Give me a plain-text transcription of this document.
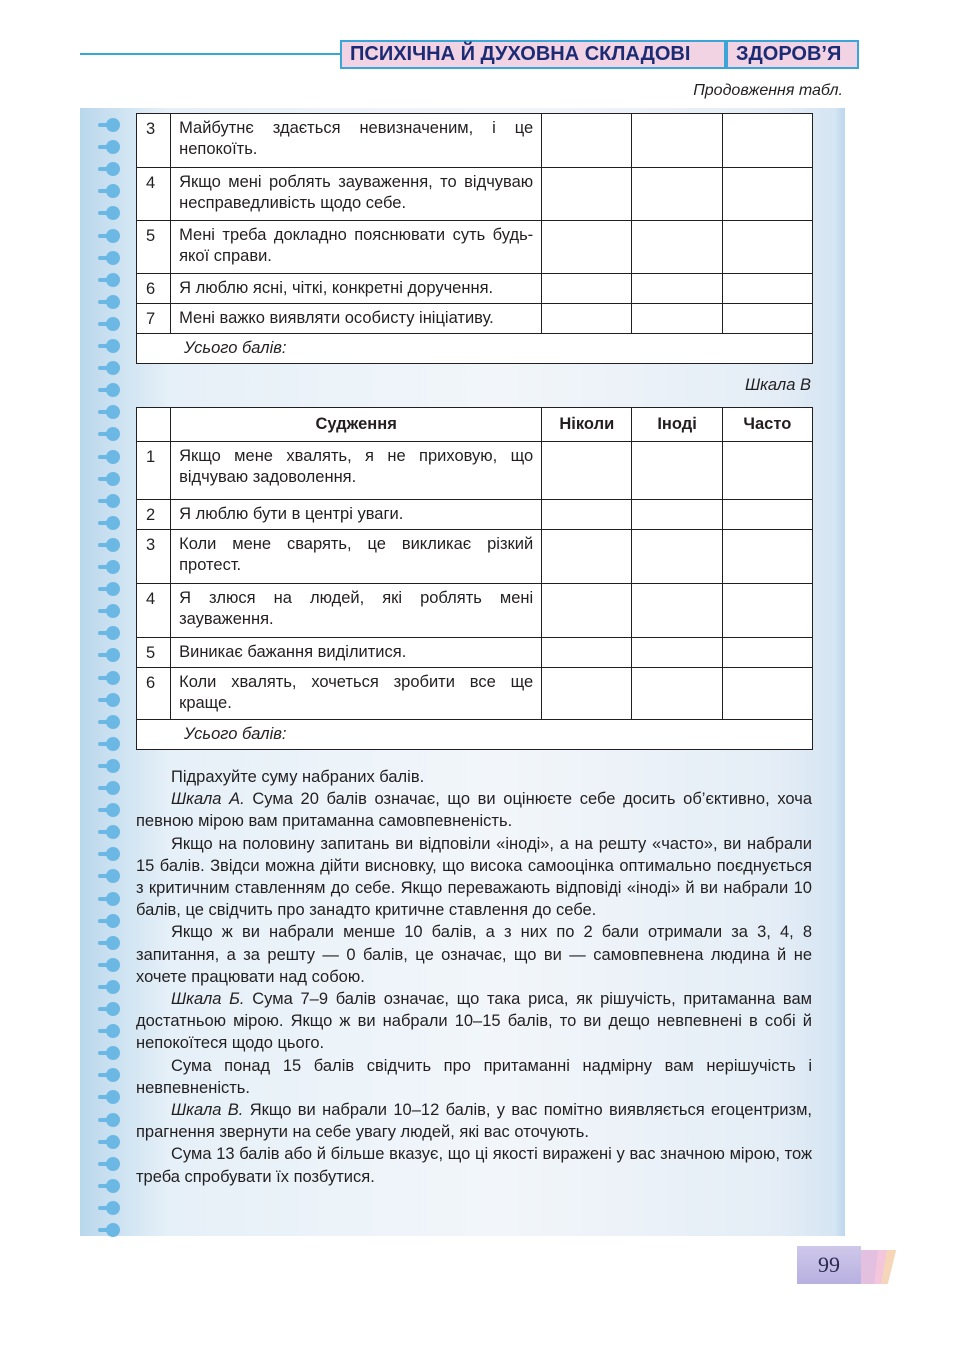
ПСИХІЧНА Й ДУХОВНА СКЛАДОВІ	ЗДОРОВ’Я
Продовження табл.
3	Майбутнє здається невизначеним, і це непокоїть.			
4	Якщо мені роблять зауваження, то відчуваю несправедливість щодо себе.			
5	Мені треба докладно пояснювати суть будь-якої справи.			
6	Я люблю ясні, чіткі, конкретні доручення.			
7	Мені важко виявляти особисту ініціативу.			
Усього балів:				
Шкала В
	Судження	Ніколи	Іноді	Часто
1	Якщо мене хвалять, я не приховую, що відчуваю задоволення.			
2	Я люблю бути в центрі уваги.			
3	Коли мене сварять, це викликає різкий протест.			
4	Я злюся на людей, які роблять мені зауваження.			
5	Виникає бажання виділитися.			
6	Коли хвалять, хочеться зробити все ще краще.			
Усього балів:				

Підрахуйте суму набраних балів.

Шкала А. Сума 20 балів означає, що ви оцінюєте себе досить об’єктивно, хоча певною мірою вам притаманна самовпевненість.

Якщо на половину запитань ви відповіли «іноді», а на решту «часто», ви набрали 15 балів. Звідси можна дійти висновку, що висока самооцінка оптимально поєднується з критичним ставленням до себе. Якщо переважають відповіді «іноді» й ви набрали 10 балів, це свідчить про занадто критичне ставлення до себе.

Якщо ж ви набрали менше 10 балів, а з них по 2 бали отримали за 3, 4, 8 запитання, а за решту — 0 балів, це означає, що ви — самовпевнена людина й не хочете працювати над собою.

Шкала Б. Сума 7–9 балів означає, що така риса, як рішучість, притаманна вам достатньою мірою. Якщо ж ви набрали 10–15 балів, то ви дещо невпевнені в собі й непокоїтеся щодо цього.

Сума понад 15 балів свідчить про притаманні надмірну вам нерішучість і невпевненість.

Шкала В. Якщо ви набрали 10–12 балів, у вас помітно виявляється егоцентризм, прагнення звернути на себе увагу людей, які вас оточують.

Сума 13 балів або й більше вказує, що ці якості виражені у вас значною мірою, тож треба спробувати їх позбутися.

99
